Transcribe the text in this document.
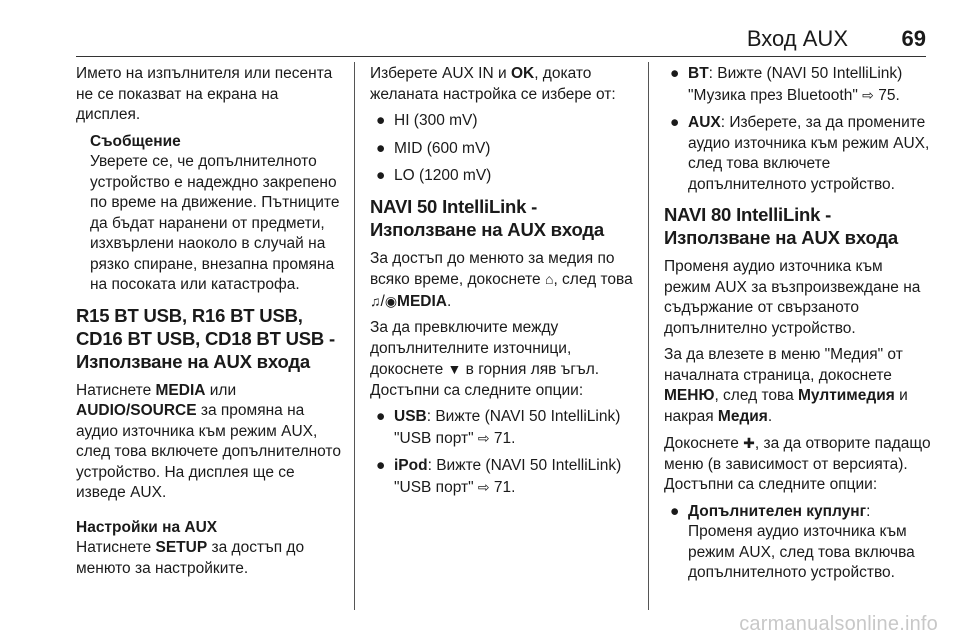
Вход AUX 69

Името на изпълнителя или песента не се показват на екрана на дисплея.

Съобщение
Уверете се, че допълнителното устройство е надеждно закрепено по време на движение. Пътниците да бъдат наранени от предмети, изхвърлени наоколо в случай на рязко спиране, внезапна промяна на посоката или катастрофа.
R15 BT USB, R16 BT USB, CD16 BT USB, CD18 BT USB - Използване на AUX входа

Натиснете MEDIA или AUDIO/SOURCE за промяна на аудио източника към режим AUX, след това включете допълнителното устройство. На дисплея ще се изведе AUX.

Настройки на AUX

Натиснете SETUP за достъп до менюто за настройките.

Изберете AUX IN и OK, докато желаната настройка се избере от:

● HI (300 mV)
● MID (600 mV)
● LO (1200 mV)
NAVI 50 IntelliLink - Използване на AUX входа

За достъп до менюто за медия по всяко време, докоснете ⌂, след това ♫/◉MEDIA.

За да превключите между допълнителните източници, докоснете ▼ в горния ляв ъгъл. Достъпни са следните опции:

● USB: Вижте (NAVI 50 IntelliLink) "USB порт" ⇨ 71.
● iPod: Вижте (NAVI 50 IntelliLink) "USB порт" ⇨ 71.
● BT: Вижте (NAVI 50 IntelliLink) "Музика през Bluetooth" ⇨ 75.
● AUX: Изберете, за да промените аудио източника към режим AUX, след това включете допълнителното устройство.
NAVI 80 IntelliLink - Използване на AUX входа

Променя аудио източника към режим AUX за възпроизвеждане на съдържание от свързаното допълнително устройство.

За да влезете в меню "Медия" от началната страница, докоснете МЕНЮ, след това Мултимедия и накрая Медия.

Докоснете ✚, за да отворите падащо меню (в зависимост от версията). Достъпни са следните опции:

● Допълнителен куплунг: Променя аудио източника към режим AUX, след това включва допълнителното устройство.
carmanualsonline.info
